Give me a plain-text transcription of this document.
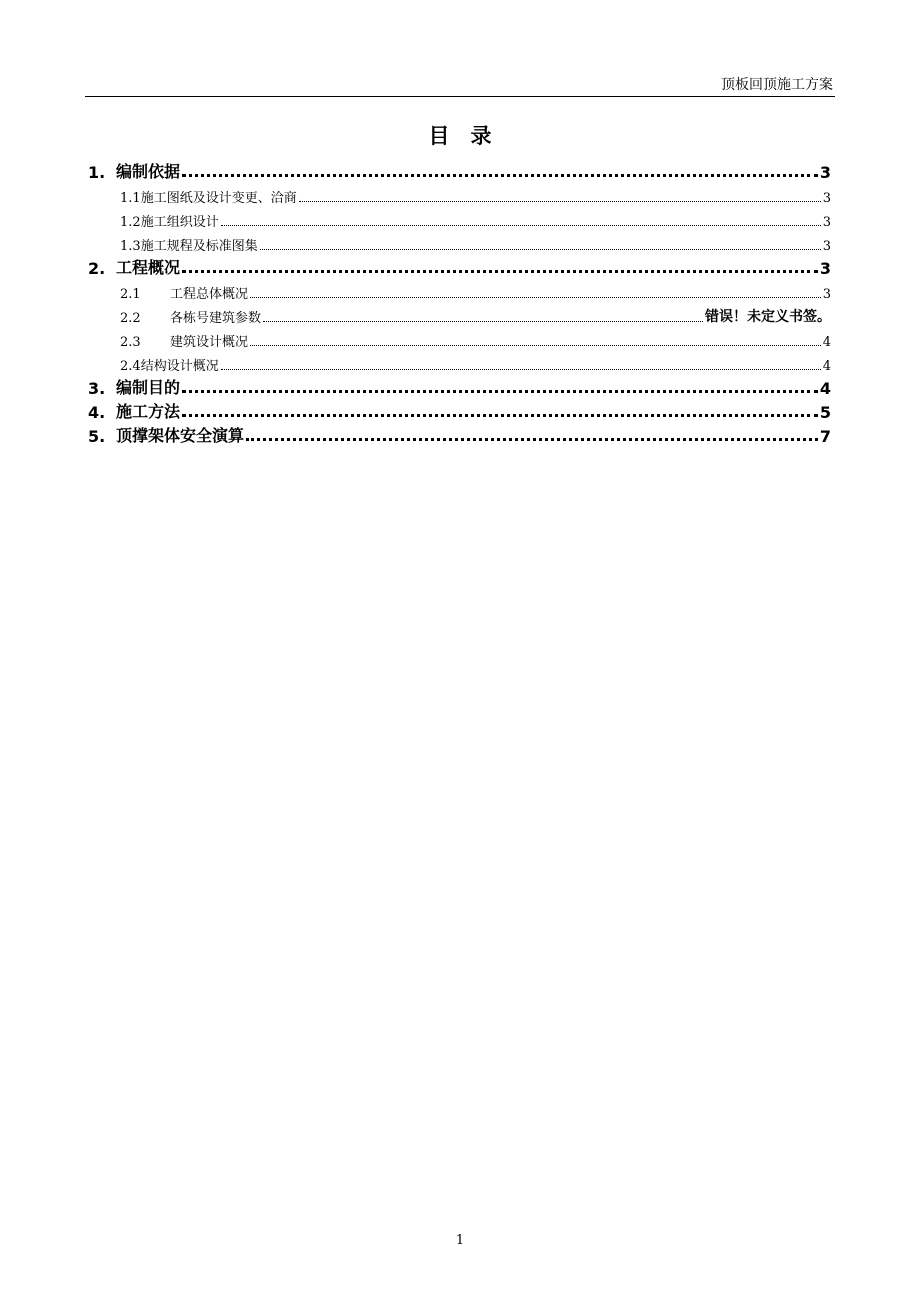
顶板回顶施工方案
目　录
1. 编制依据	3
1.1 施工图纸及设计变更、洽商	3
1.2 施工组织设计	3
1.3 施工规程及标准图集	3
2. 工程概况	3
2.1	工程总体概况	3
2.2	各栋号建筑参数	错误！未定义书签。
2.3	建筑设计概况	4
2.4 结构设计概况	4
3. 编制目的	4
4. 施工方法	5
5. 顶撑架体安全演算	7
1
